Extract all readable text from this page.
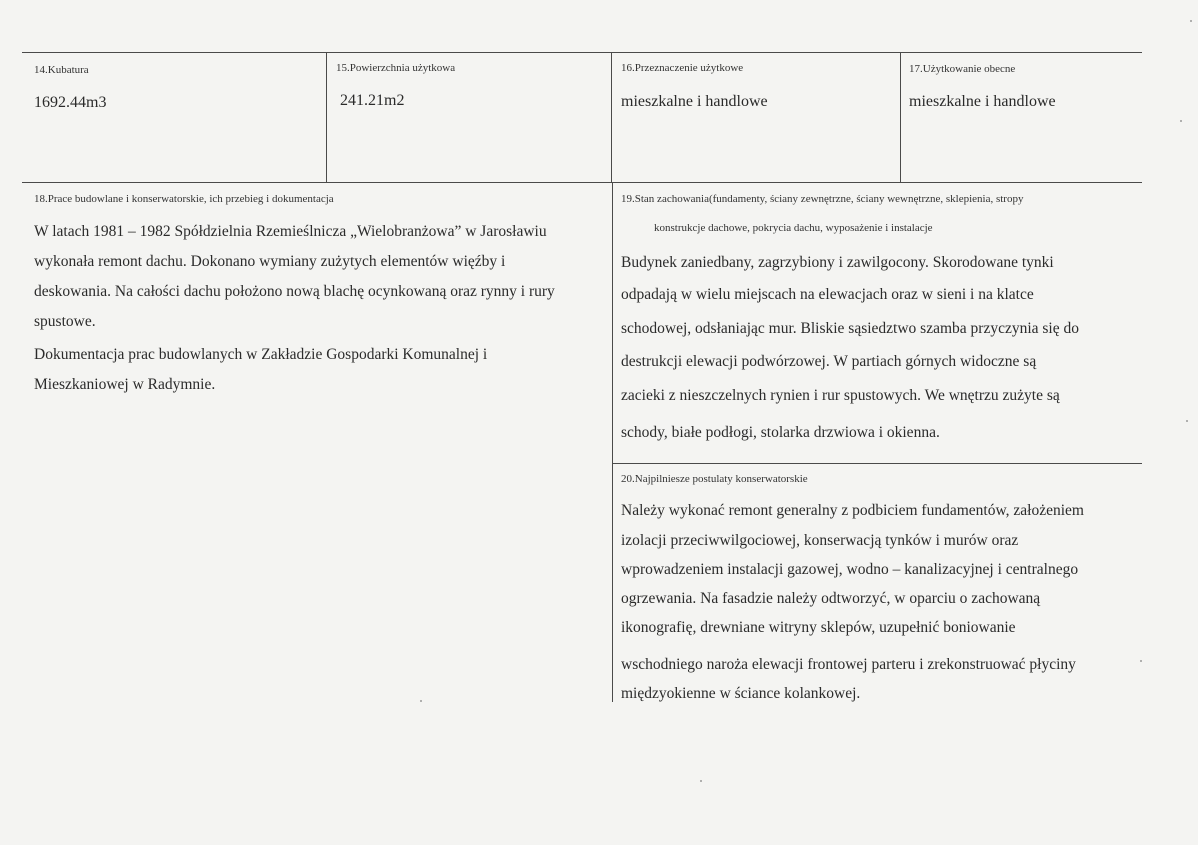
14.Kubatura
1692.44m3
15.Powierzchnia użytkowa
241.21m2
16.Przeznaczenie użytkowe
mieszkalne i handlowe
17.Użytkowanie obecne
mieszkalne i handlowe
18.Prace budowlane i konserwatorskie, ich przebieg i dokumentacja
W latach 1981 – 1982 Spółdzielnia Rzemieślnicza „Wielobranżowa” w Jarosławiu
wykonała remont dachu. Dokonano wymiany zużytych elementów więźby i
deskowania. Na całości dachu położono nową blachę ocynkowaną oraz rynny i rury
spustowe.
Dokumentacja prac budowlanych w Zakładzie Gospodarki Komunalnej i
Mieszkaniowej w Radymnie.
19.Stan zachowania(fundamenty, ściany zewnętrzne, ściany wewnętrzne, sklepienia, stropy
konstrukcje dachowe, pokrycia dachu, wyposażenie i instalacje
Budynek zaniedbany, zagrzybiony i zawilgocony. Skorodowane tynki
odpadają w wielu miejscach na elewacjach oraz w sieni i na klatce
schodowej, odsłaniając mur. Bliskie sąsiedztwo szamba przyczynia się do
destrukcji elewacji podwórzowej. W partiach górnych widoczne są
zacieki z nieszczelnych rynien i rur spustowych. We wnętrzu zużyte są
schody, białe podłogi, stolarka drzwiowa i okienna.
20.Najpilniesze postulaty konserwatorskie
Należy wykonać remont generalny z podbiciem fundamentów, założeniem
izolacji przeciwwilgociowej, konserwacją tynków i murów oraz
wprowadzeniem instalacji gazowej, wodno – kanalizacyjnej i centralnego
ogrzewania. Na fasadzie należy odtworzyć, w oparciu o zachowaną
ikonografię, drewniane witryny sklepów, uzupełnić boniowanie
wschodniego naroża elewacji frontowej parteru i zrekonstruować płyciny
międzyokienne w ściance kolankowej.
